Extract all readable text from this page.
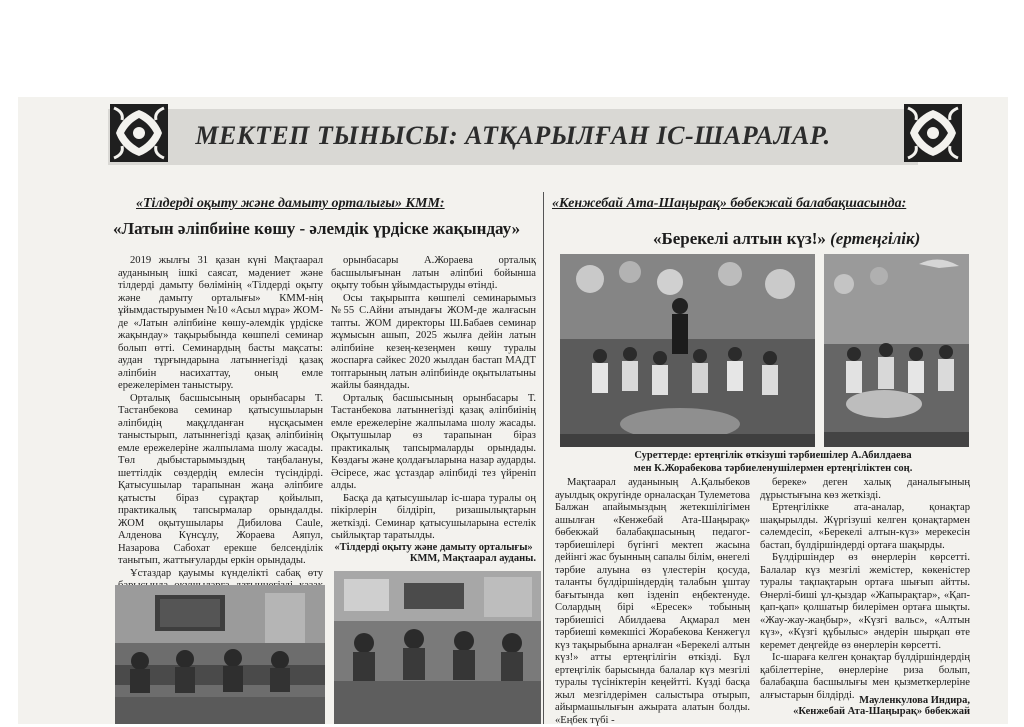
МЕКТЕП ТЫНЫСЫ: АТҚАРЫЛҒАН ІС-ШАРАЛАР.
«Тілдерді оқыту және дамыту орталығы» КММ:
«Латын әліпбиіне көшу - әлемдік үрдіске жақындау»

2019 жылғы 31 қазан күні Мақтаарал ауданының ішкі саясат, мәдениет және тілдерді дамыту бөлімінің «Тілдерді оқыту және дамыту орталығы» КММ-нің ұйымдастыруымен №10 «Асыл мұра» ЖОМ-де «Латын әліпбиіне көшу-әлемдік үрдіске жақындау» тақырыбында көшпелі семинар болып өтті. Семинардың басты мақсаты: аудан тұрғындарына латыннегізді қазақ әліпбиін насихаттау, оның емле ережелерімен таныстыру.

Орталық басшысының орынбасары Т. Тастанбекова семинар қатысушыларын әліпбидің мақұлданған нұсқасымен таныстырып, латыннегізді қазақ әліпбиінің емле ережелеріне жалпылама шолу жасады. Төл дыбыстарымыздың таңбалануы, шеттілдік сөздердің емлесін түсіндірді. Қатысушылар тарапынан жаңа әліпбиге қатысты біраз сұрақтар қойылып, практикалық тапсырмалар орындалды. ЖОМ оқытушылары Дибилова Саule, Алденова Күнсұлу, Жораева Аяпул, Назарова Сабохат ерекше белсенділік танытып, жаттығуларды еркін орындады.

Ұстаздар қауымы күнделікті сабақ өту

орынбасары А.Жораева орталық басшылығынан латын әліпбиі бойынша оқыту тобын ұйымдастыруды өтінді.

Осы тақырыпта көшпелі семинарымыз №55 С.Айни атындағы ЖОМ-де жалғасын тапты. ЖОМ директоры Ш.Бабаев семинар жұмысын ашып, 2025 жылға дейін латын әліпбиіне кезең-кезеңмен көшу туралы жоспарға сәйкес 2020 жылдан бастап МАДТ топтарының латын әліпбиінде оқытылатыны жайлы баяндады.

Орталық басшысының орынбасары Т. Тастанбекова латыннегізді қазақ әліпбиінің емле ережелеріне жалпылама шолу жасады. Оқытушылар өз тарапынан біраз практикалық тапсырмаларды орындады. Көздағы және қолдағыларына назар аударды. Әсіресе, жас ұстаздар әліпбиді тез үйреніп алды.

Басқа да қатысушылар іс-шара туралы оң пікірлерін білдіріп, ризашылықтарын жеткізді. Семинар қатысушыларына естелік сыйлықтар таратылды.

«Тілдерді оқыту және дамыту орталығы»
КММ, Мақтаарал ауданы.
«Кенжебай Ата-Шаңырақ» бөбекжай балабақшасында:
«Берекелі алтын күз!» (ертеңгілік)
Суреттерде: ертеңгілік өткізуші тәрбиешілер А.Абилдаева
мен К.Жорабекова тәрбиеленушілермен ертеңгіліктен соң.

Мақтаарал ауданының А.Қалыбеков ауылдық округінде орналасқан Тулеметова Балжан апайымыздың жетекшілігімен ашылған «Кенжебай Ата-Шаңырақ» бөбекжай балабақшасының педагог-тәрбиешілері бүгінгі мектеп жасына дейінгі жас буынның сапалы білім, өнегелі тәрбие алуына өз үлестерін қосуда, таланты бүлдіршіндердің талабын ұштау бағытында көп ізденіп еңбектенуде. Солардың бірі «Ересек» тобының тәрбиешісі Абилдаева Ақмарал мен тәрбиеші көмекшісі Жорабекова Кенжегүл күз тақырыбына арналған «Берекелі алтын күз!» атты ертеңгілігін өткізді. Бұл ертеңгілік барысында балалар күз мезгілі туралы түсініктерін кеңейтті. Күзді басқа жыл мезгілдерімен салыстыра отырып, айырмашылығын ажырата алатын болды. «Еңбек түбі -

береке» деген халық даналығының дұрыстығына көз жеткізді.

Ертеңгілікке ата-аналар, қонақтар шақырылды. Жүргізуші келген қонақтармен сәлемдесіп, «Берекелі алтын-күз» мерекесін бастап, бүлдіршіндерді ортаға шақырды.

Бүлдіршіндер өз өнерлерін көрсетті. Балалар күз мезгілі жемістер, көкеністер туралы тақпақтарын ортаға шығып айтты. Өнерлі-биші ұл-қыздар «Жапырақтар», «Қап-қап-қап» қолшатыр билерімен ортаға шықты. «Жау-жау-жаңбыр», «Күзгі вальс», «Алтын күз», «Күзгі құбылыс» әндерін шырқап өте керемет деңгейде өз өнерлерін көрсетті.

Іс-шараға келген қонақтар бүлдіршіндердің қабілеттеріне, өнерлеріне риза болып, балабақша басшылығы мен қызметкерлеріне алғыстарын білдірді. Мауленкулова Индира,
«Кенжебай Ата-Шаңырақ» бөбекжай
